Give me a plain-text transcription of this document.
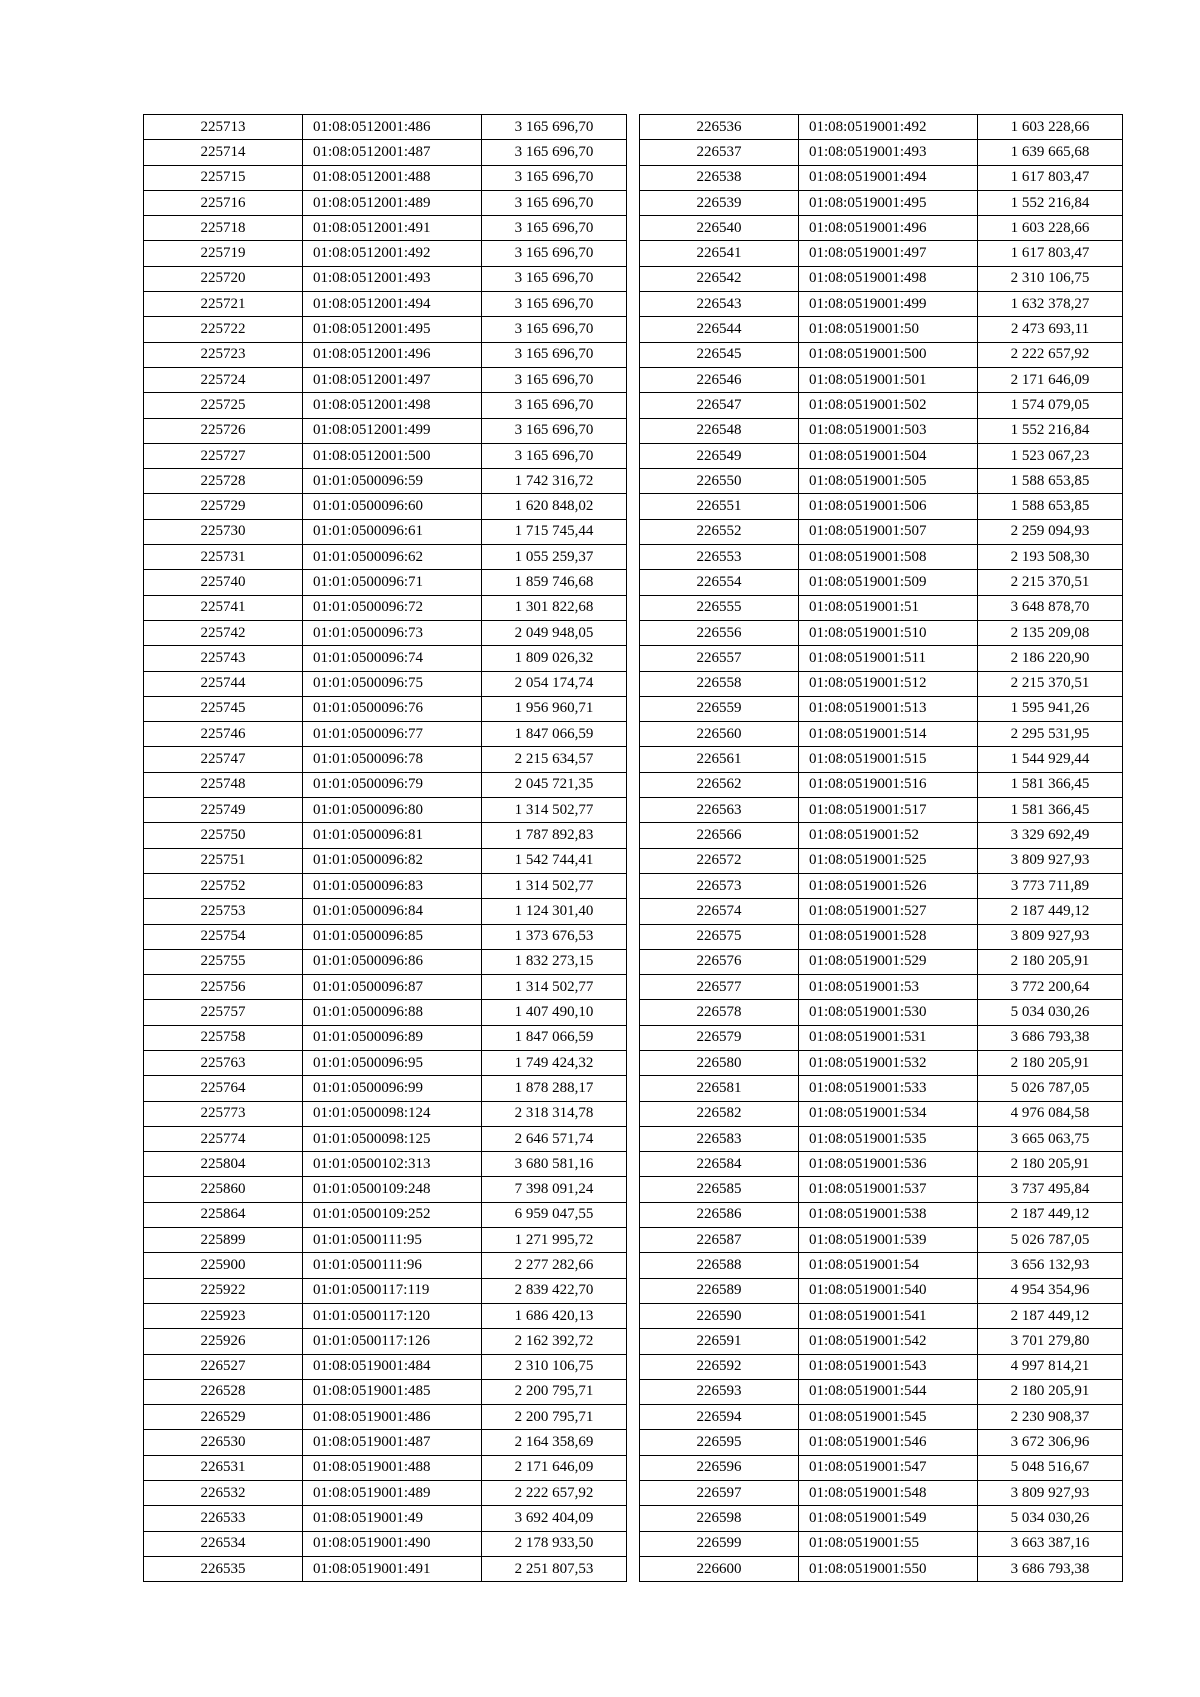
225713	01:08:0512001:486	3 165 696,70
225714	01:08:0512001:487	3 165 696,70
225715	01:08:0512001:488	3 165 696,70
225716	01:08:0512001:489	3 165 696,70
225718	01:08:0512001:491	3 165 696,70
225719	01:08:0512001:492	3 165 696,70
225720	01:08:0512001:493	3 165 696,70
225721	01:08:0512001:494	3 165 696,70
225722	01:08:0512001:495	3 165 696,70
225723	01:08:0512001:496	3 165 696,70
225724	01:08:0512001:497	3 165 696,70
225725	01:08:0512001:498	3 165 696,70
225726	01:08:0512001:499	3 165 696,70
225727	01:08:0512001:500	3 165 696,70
225728	01:01:0500096:59	1 742 316,72
225729	01:01:0500096:60	1 620 848,02
225730	01:01:0500096:61	1 715 745,44
225731	01:01:0500096:62	1 055 259,37
225740	01:01:0500096:71	1 859 746,68
225741	01:01:0500096:72	1 301 822,68
225742	01:01:0500096:73	2 049 948,05
225743	01:01:0500096:74	1 809 026,32
225744	01:01:0500096:75	2 054 174,74
225745	01:01:0500096:76	1 956 960,71
225746	01:01:0500096:77	1 847 066,59
225747	01:01:0500096:78	2 215 634,57
225748	01:01:0500096:79	2 045 721,35
225749	01:01:0500096:80	1 314 502,77
225750	01:01:0500096:81	1 787 892,83
225751	01:01:0500096:82	1 542 744,41
225752	01:01:0500096:83	1 314 502,77
225753	01:01:0500096:84	1 124 301,40
225754	01:01:0500096:85	1 373 676,53
225755	01:01:0500096:86	1 832 273,15
225756	01:01:0500096:87	1 314 502,77
225757	01:01:0500096:88	1 407 490,10
225758	01:01:0500096:89	1 847 066,59
225763	01:01:0500096:95	1 749 424,32
225764	01:01:0500096:99	1 878 288,17
225773	01:01:0500098:124	2 318 314,78
225774	01:01:0500098:125	2 646 571,74
225804	01:01:0500102:313	3 680 581,16
225860	01:01:0500109:248	7 398 091,24
225864	01:01:0500109:252	6 959 047,55
225899	01:01:0500111:95	1 271 995,72
225900	01:01:0500111:96	2 277 282,66
225922	01:01:0500117:119	2 839 422,70
225923	01:01:0500117:120	1 686 420,13
225926	01:01:0500117:126	2 162 392,72
226527	01:08:0519001:484	2 310 106,75
226528	01:08:0519001:485	2 200 795,71
226529	01:08:0519001:486	2 200 795,71
226530	01:08:0519001:487	2 164 358,69
226531	01:08:0519001:488	2 171 646,09
226532	01:08:0519001:489	2 222 657,92
226533	01:08:0519001:49	3 692 404,09
226534	01:08:0519001:490	2 178 933,50
226535	01:08:0519001:491	2 251 807,53
226536	01:08:0519001:492	1 603 228,66
226537	01:08:0519001:493	1 639 665,68
226538	01:08:0519001:494	1 617 803,47
226539	01:08:0519001:495	1 552 216,84
226540	01:08:0519001:496	1 603 228,66
226541	01:08:0519001:497	1 617 803,47
226542	01:08:0519001:498	2 310 106,75
226543	01:08:0519001:499	1 632 378,27
226544	01:08:0519001:50	2 473 693,11
226545	01:08:0519001:500	2 222 657,92
226546	01:08:0519001:501	2 171 646,09
226547	01:08:0519001:502	1 574 079,05
226548	01:08:0519001:503	1 552 216,84
226549	01:08:0519001:504	1 523 067,23
226550	01:08:0519001:505	1 588 653,85
226551	01:08:0519001:506	1 588 653,85
226552	01:08:0519001:507	2 259 094,93
226553	01:08:0519001:508	2 193 508,30
226554	01:08:0519001:509	2 215 370,51
226555	01:08:0519001:51	3 648 878,70
226556	01:08:0519001:510	2 135 209,08
226557	01:08:0519001:511	2 186 220,90
226558	01:08:0519001:512	2 215 370,51
226559	01:08:0519001:513	1 595 941,26
226560	01:08:0519001:514	2 295 531,95
226561	01:08:0519001:515	1 544 929,44
226562	01:08:0519001:516	1 581 366,45
226563	01:08:0519001:517	1 581 366,45
226566	01:08:0519001:52	3 329 692,49
226572	01:08:0519001:525	3 809 927,93
226573	01:08:0519001:526	3 773 711,89
226574	01:08:0519001:527	2 187 449,12
226575	01:08:0519001:528	3 809 927,93
226576	01:08:0519001:529	2 180 205,91
226577	01:08:0519001:53	3 772 200,64
226578	01:08:0519001:530	5 034 030,26
226579	01:08:0519001:531	3 686 793,38
226580	01:08:0519001:532	2 180 205,91
226581	01:08:0519001:533	5 026 787,05
226582	01:08:0519001:534	4 976 084,58
226583	01:08:0519001:535	3 665 063,75
226584	01:08:0519001:536	2 180 205,91
226585	01:08:0519001:537	3 737 495,84
226586	01:08:0519001:538	2 187 449,12
226587	01:08:0519001:539	5 026 787,05
226588	01:08:0519001:54	3 656 132,93
226589	01:08:0519001:540	4 954 354,96
226590	01:08:0519001:541	2 187 449,12
226591	01:08:0519001:542	3 701 279,80
226592	01:08:0519001:543	4 997 814,21
226593	01:08:0519001:544	2 180 205,91
226594	01:08:0519001:545	2 230 908,37
226595	01:08:0519001:546	3 672 306,96
226596	01:08:0519001:547	5 048 516,67
226597	01:08:0519001:548	3 809 927,93
226598	01:08:0519001:549	5 034 030,26
226599	01:08:0519001:55	3 663 387,16
226600	01:08:0519001:550	3 686 793,38
